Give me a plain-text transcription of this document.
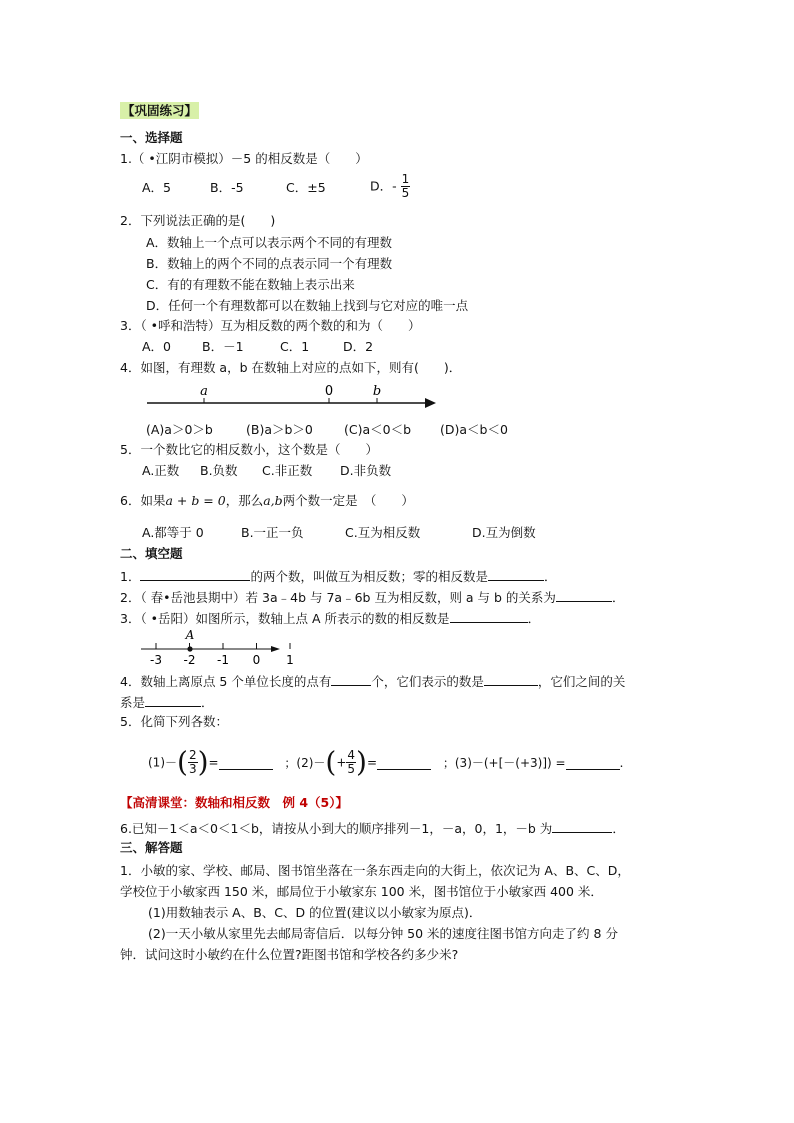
【巩固练习】
一、选择题
1.（ •江阴市模拟）－5 的相反数是（　　）
A．5	B．-5	C．±5	D．- $\frac{1}{5}$
2．下列说法正确的是(　　)
A．数轴上一个点可以表示两个不同的有理数
B．数轴上的两个不同的点表示同一个有理数
C．有的有理数不能在数轴上表示出来
D．任何一个有理数都可以在数轴上找到与它对应的唯一点
3．（ •呼和浩特）互为相反数的两个数的和为（　　）
A．0 B．－1	C．1	D．2
4．如图，有理数 a，b 在数轴上对应的点如下，则有(　　)．
a	0	b
(A)a＞0＞b	(B)a＞b＞0 (C)a＜0＜b (D)a＜b＜0
5．一个数比它的相反数小，这个数是（　　）
A.正数 B.负数 C.非正数 D.非负数
6．如果a + b = 0，那么a,b两个数一定是　（　　）
A.都等于 0	B.一正一负	C.互为相反数	D.互为倒数
二、填空题
1．	的两个数，叫做互为相反数；零的相反数是	．
2．（ 春•岳池县期中）若 3a﹣4b 与 7a﹣6b 互为相反数，则 a 与 b 的关系为	．
3．（ •岳阳）如图所示，数轴上点 A 所表示的数的相反数是	．
-3 -2 -1 0 1
A
4．数轴上离原点 5 个单位长度的点有	个，它们表示的数是	，它们之间的关
系是	．
5．化简下列各数：
$(1)-( \frac{2}{3}$ )=	；$(2)-(+ \frac{4}{5}$ )=	；(3)－(+[－(+3)]) =	．
【高清课堂：数轴和相反数　例 4（5）】
6.已知－1＜a＜0＜1＜b，请按从小到大的顺序排列－1，－a，0，1，－b 为	．
三、解答题
1．小敏的家、学校、邮局、图书馆坐落在一条东西走向的大街上，依次记为 A、B、C、D，
学校位于小敏家西 150 米，邮局位于小敏家东 100 米，图书馆位于小敏家西 400 米．
(1)用数轴表示 A、B、C、D 的位置(建议以小敏家为原点)．
(2)一天小敏从家里先去邮局寄信后．以每分钟 50 米的速度往图书馆方向走了约 8 分
钟．试问这时小敏约在什么位置?距图书馆和学校各约多少米?
